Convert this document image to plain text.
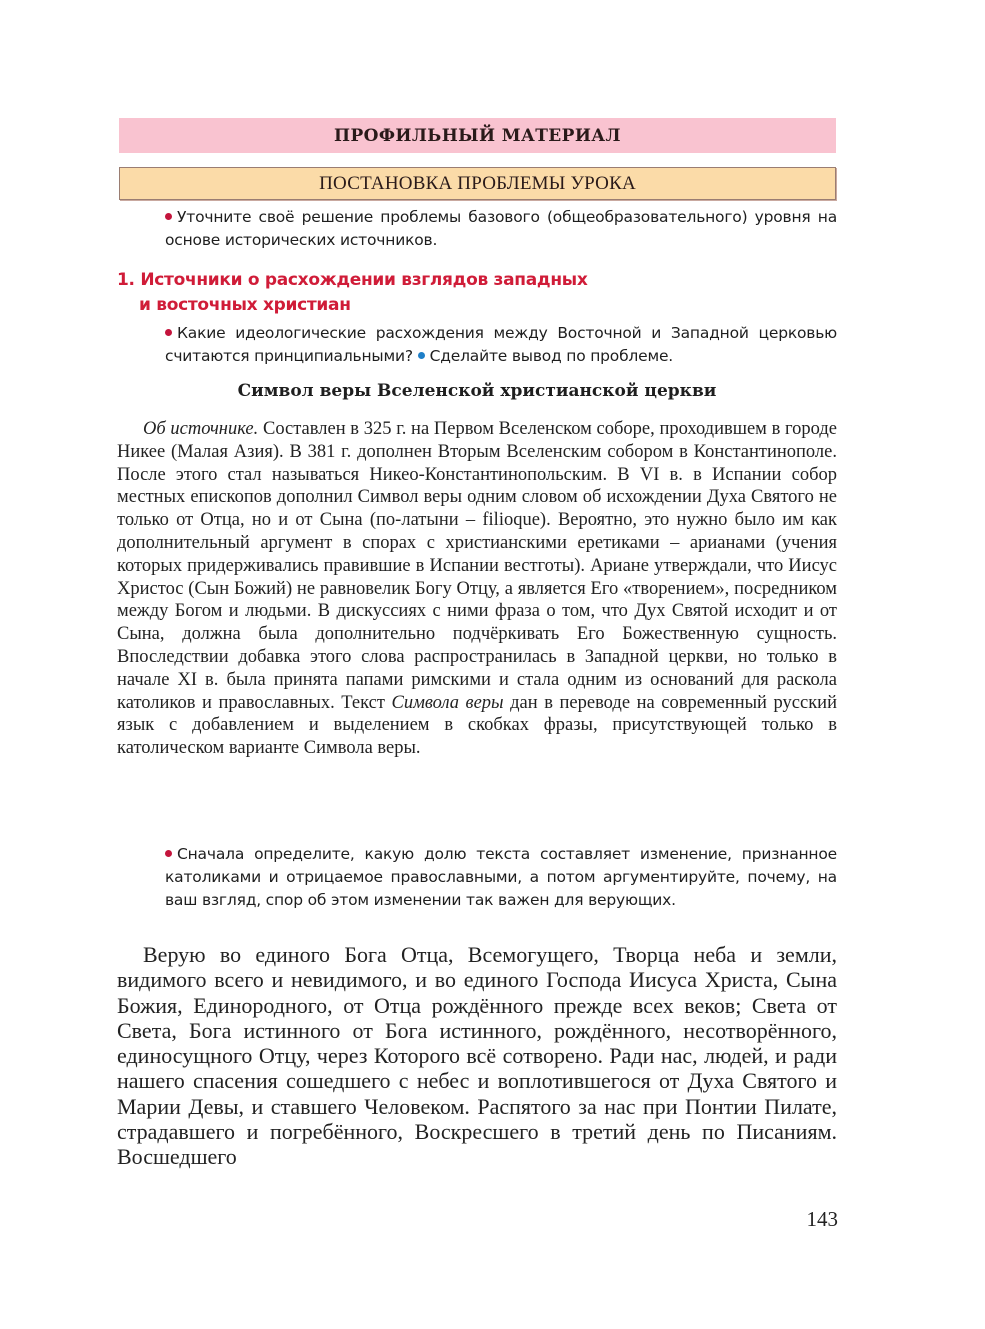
ПРОФИЛЬНЫЙ МАТЕРИАЛ
ПОСТАНОВКА ПРОБЛЕМЫ УРОКА
Уточните своё решение проблемы базового (общеобразовательного) уровня на основе исторических источников.
1. Источники о расхождении взглядов западных
и восточных христиан
Какие идеологические расхождения между Восточной и Западной церковью считаются принципиальными? Сделайте вывод по проблеме.
Символ веры Вселенской христианской церкви
Об источнике. Составлен в 325 г. на Первом Вселенском соборе, проходившем в городе Никее (Малая Азия). В 381 г. дополнен Вторым Вселенским собором в Константинополе. После этого стал называться Никео-Константинопольским. В VI в. в Испании собор местных епископов дополнил Символ веры одним словом об исхождении Духа Святого не только от Отца, но и от Сына (по-латыни – filioque). Вероятно, это нужно было им как дополнительный аргумент в спорах с христианскими еретиками – арианами (учения которых придерживались правившие в Испании вестготы). Ариане утверждали, что Иисус Христос (Сын Божий) не равновелик Богу Отцу, а является Его «творением», посредником между Богом и людьми. В дискуссиях с ними фраза о том, что Дух Святой исходит и от Сына, должна была дополнительно подчёркивать Его Божественную сущность. Впоследствии добавка этого слова распространилась в Западной церкви, но только в начале XI в. была принята папами римскими и стала одним из оснований для раскола католиков и православных. Текст Символа веры дан в переводе на современный русский язык с добавлением и выделением в скобках фразы, присутствующей только в католическом варианте Символа веры.
Сначала определите, какую долю текста составляет изменение, признанное католиками и отрицаемое православными, а потом аргументируйте, почему, на ваш взгляд, спор об этом изменении так важен для верующих.
Верую во единого Бога Отца, Всемогущего, Творца неба и земли, видимого всего и невидимого, и во единого Господа Иисуса Христа, Сына Божия, Единородного, от Отца рождённого прежде всех веков; Света от Света, Бога истинного от Бога истинного, рождённого, несотворённого, единосущного Отцу, через Которого всё сотворено. Ради нас, людей, и ради нашего спасения сошедшего с небес и воплотившегося от Духа Святого и Марии Девы, и ставшего Человеком. Распятого за нас при Понтии Пилате, страдавшего и погребённого, Воскресшего в третий день по Писаниям. Восшедшего
143
